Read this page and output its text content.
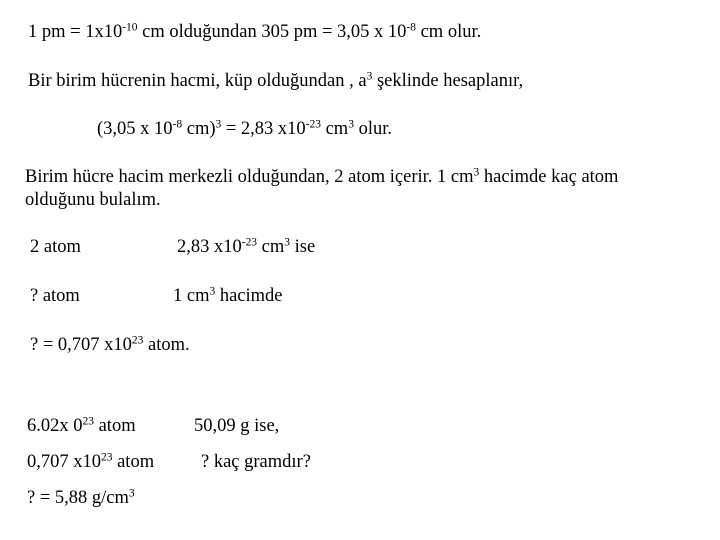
1 pm = $1x10^{-10}$ cm olduğundan 305 pm = 3,05 x $10^{-8}$ cm olur.
Bir birim hücrenin hacmi, küp olduğundan , $a^3$ şeklinde hesaplanır,
(3,05 x $10^{-8}$ cm)$^3$ = 2,83 $x10^{-23}$ $cm^3$ olur.
Birim hücre hacim merkezli olduğundan, 2 atom içerir. 1 $cm^3$ hacimde kaç atom
olduğunu bulalım.
2 atom	2,83 $x10^{-23}$ $cm^3$ ise
? atom	1 $cm^3$ hacimde
? = 0,707 $x10^{23}$ atom.
6.02x $0^{23}$ atom	50,09 g ise,
0,707 $x10^{23}$ atom	? kaç gramdır?
? = 5,88 $g/cm^3$
